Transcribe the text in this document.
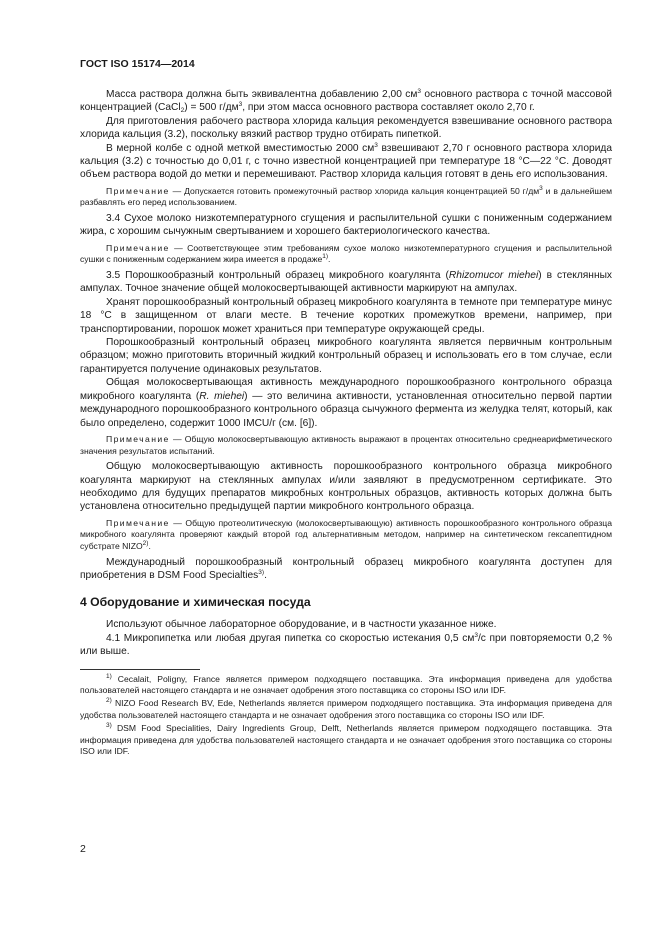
ГОСТ ISO 15174—2014

Масса раствора должна быть эквивалентна добавлению 2,00 $см^3$ основного раствора с точной массовой концентрацией (CaCl$_2$) = 500 $г/дм^3$, при этом масса основного раствора составляет около 2,70 г.

Для приготовления рабочего раствора хлорида кальция рекомендуется взвешивание основного раствора хлорида кальция (3.2), поскольку вязкий раствор трудно отбирать пипеткой.

В мерной колбе с одной меткой вместимостью 2000 $см^3$ взвешивают 2,70 г основного раствора хлорида кальция (3.2) с точностью до 0,01 г, с точно известной концентрацией при температуре 18 °С—22 °С. Доводят объем раствора водой до метки и перемешивают. Раствор хлорида кальция готовят в день его использования.

Примечание — Допускается готовить промежуточный раствор хлорида кальция концентрацией 50 $г/дм^3$ и в дальнейшем разбавлять его перед использованием.

3.4 Сухое молоко низкотемпературного сгущения и распылительной сушки с пониженным содержанием жира, с хорошим сычужным свертыванием и хорошего бактериологического качества.

Примечание — Соответствующее этим требованиям сухое молоко низкотемпературного сгущения и распылительной сушки с пониженным содержанием жира имеется в продаже$^{1)}$.

3.5 Порошкообразный контрольный образец микробного коагулянта (Rhizomucor miehei) в стеклянных ампулах. Точное значение общей молокосвертывающей активности маркируют на ампулах.

Хранят порошкообразный контрольный образец микробного коагулянта в темноте при температуре минус 18 °С в защищенном от влаги месте. В течение коротких промежутков времени, например, при транспортировании, порошок может храниться при температуре окружающей среды.

Порошкообразный контрольный образец микробного коагулянта является первичным контрольным образцом; можно приготовить вторичный жидкий контрольный образец и использовать его в том случае, если гарантируется получение одинаковых результатов.

Общая молокосвертывающая активность международного порошкообразного контрольного образца микробного коагулянта (R. miehei) — это величина активности, установленная относительно первой партии международного порошкообразного контрольного образца сычужного фермента из желудка телят, который, как было определено, содержит 1000 IMCU/г (см. [6]).

Примечание — Общую молокосвертывающую активность выражают в процентах относительно среднеарифметического значения результатов испытаний.

Общую молокосвертывающую активность порошкообразного контрольного образца микробного коагулянта маркируют на стеклянных ампулах и/или заявляют в предусмотренном сертификате. Это необходимо для будущих препаратов микробных контрольных образцов, активность которых должна быть установлена относительно предыдущей партии микробного контрольного образца.

Примечание — Общую протеолитическую (молокосвертывающую) активность порошкообразного контрольного образца микробного коагулянта проверяют каждый второй год альтернативным методом, например на синтетическом гексапептидном субстрате NIZO$^{2)}$.

Международный порошкообразный контрольный образец микробного коагулянта доступен для приобретения в DSM Food Specialties$^{3)}$.

4 Оборудование и химическая посуда

Используют обычное лабораторное оборудование, и в частности указанное ниже.

4.1 Микропипетка или любая другая пипетка со скоростью истекания 0,5 $см^3/с$ при повторяемости 0,2 % или выше.

$^{1)}$ Cecalait, Poligny, France является примером подходящего поставщика. Эта информация приведена для удобства пользователей настоящего стандарта и не означает одобрения этого поставщика со стороны ISO или IDF.

$^{2)}$ NIZO Food Research BV, Ede, Netherlands является примером подходящего поставщика. Эта информация приведена для удобства пользователей настоящего стандарта и не означает одобрения этого поставщика со стороны ISO или IDF.

$^{3)}$ DSM Food Specialities, Dairy Ingredients Group, Delft, Netherlands является примером подходящего поставщика. Эта информация приведена для удобства пользователей настоящего стандарта и не означает одобрения этого поставщика со стороны ISO или IDF.

2
